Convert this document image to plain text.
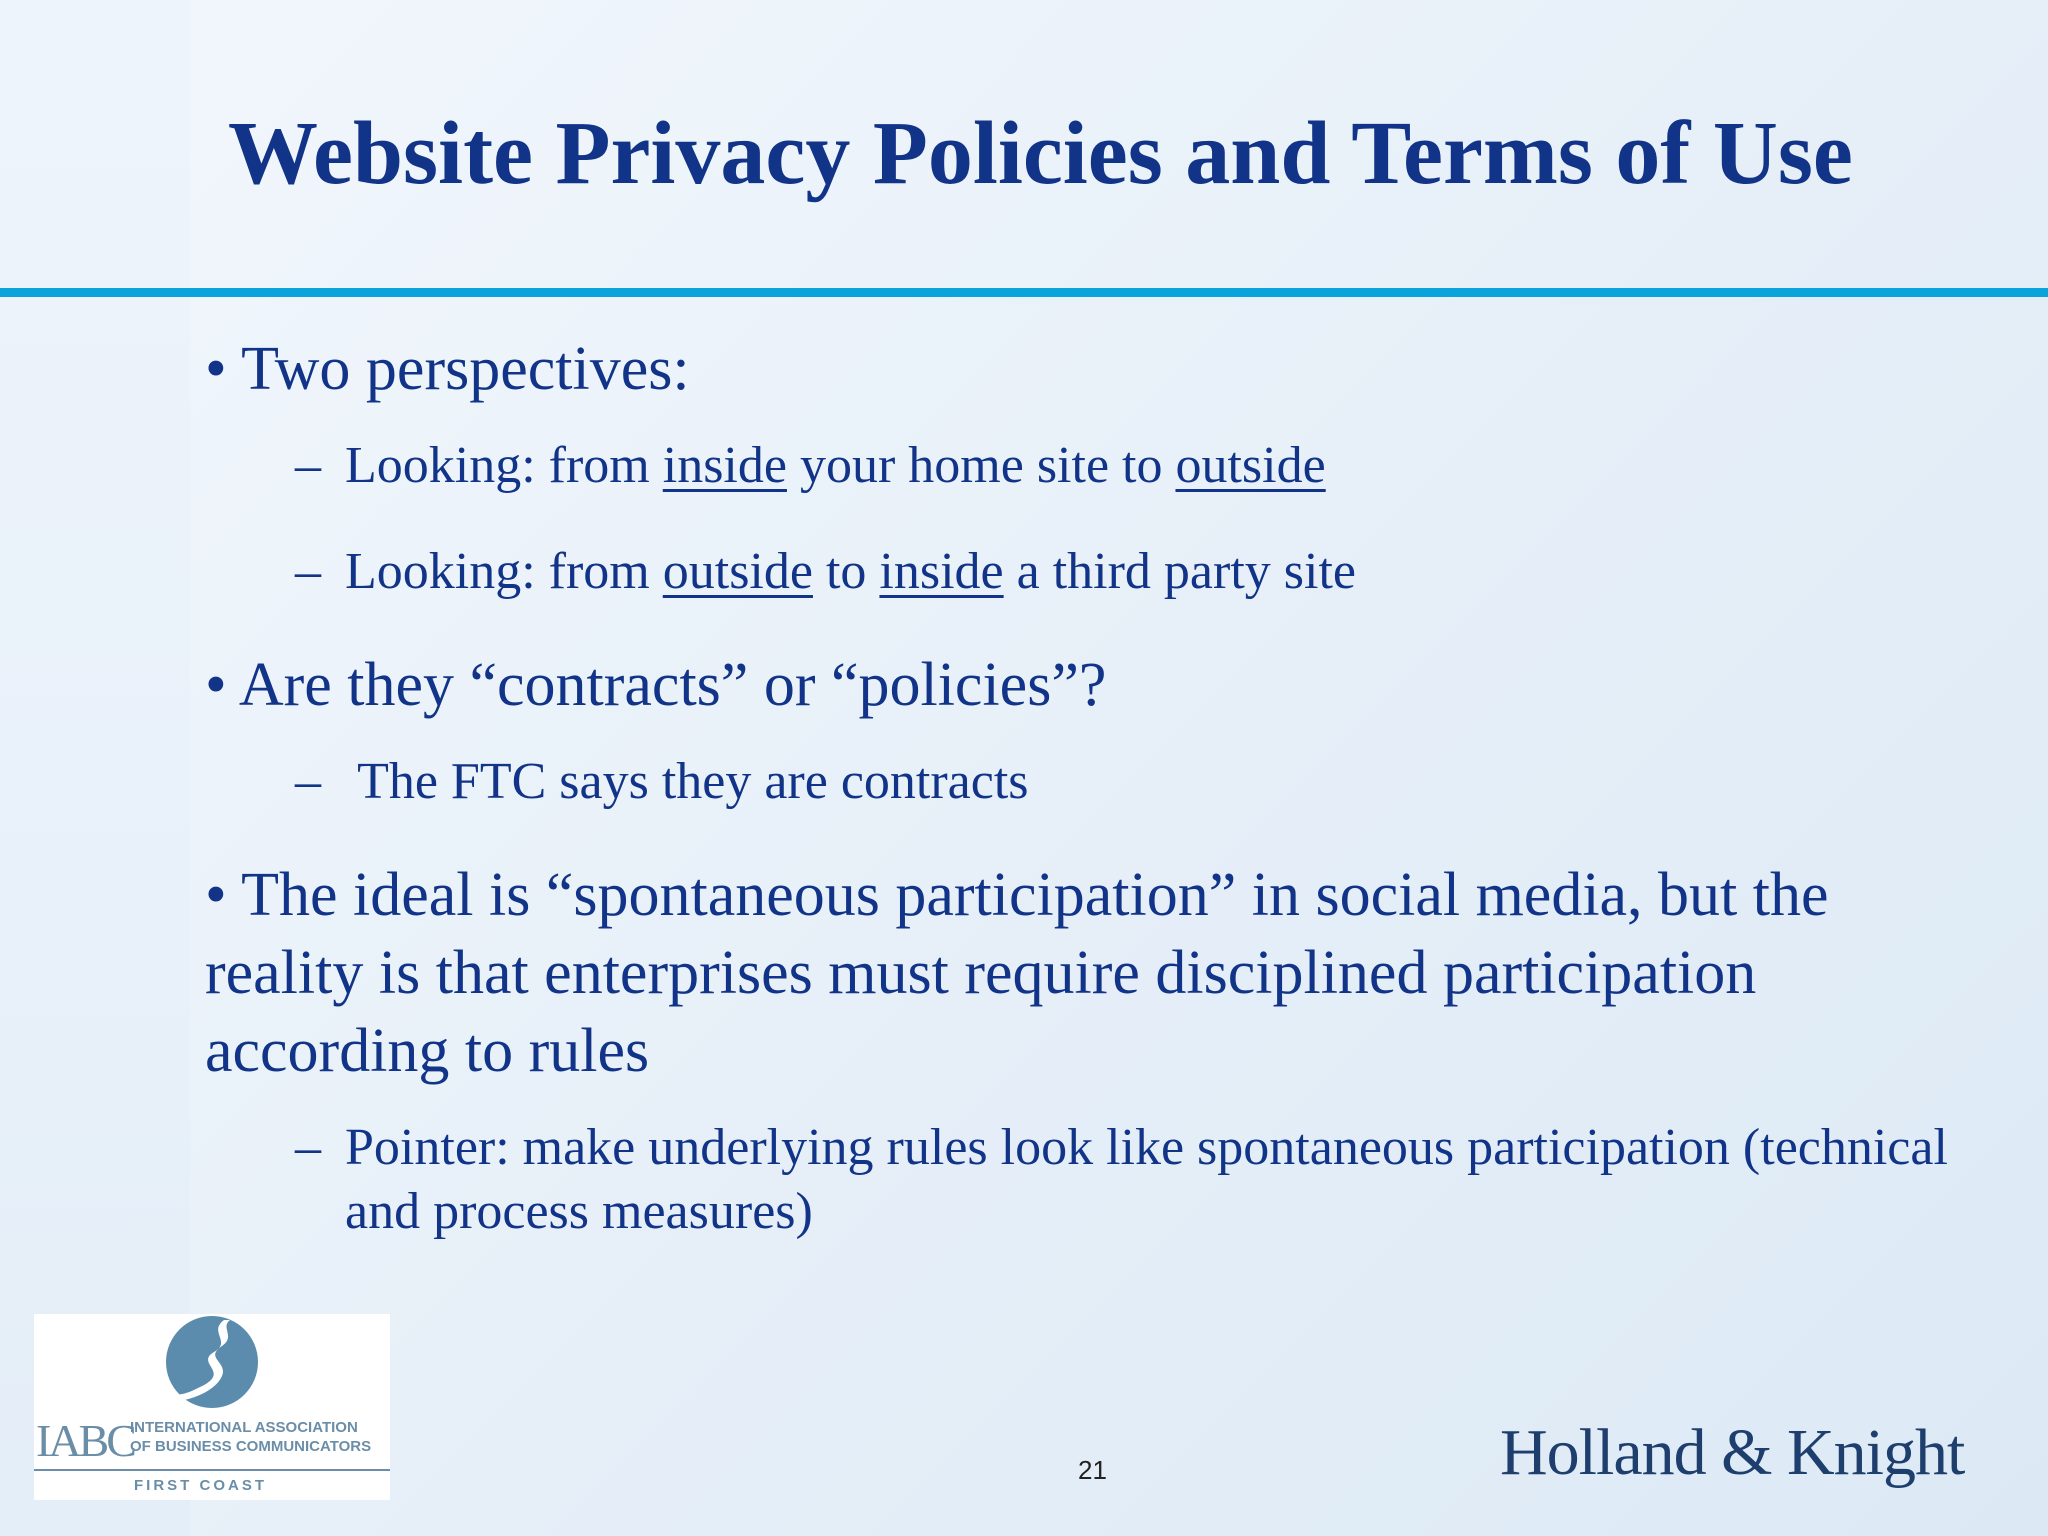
Website Privacy Policies and Terms of Use
• Two perspectives:
– Looking: from inside your home site to outside
– Looking: from outside to inside a third party site
• Are they “contracts” or “policies”?
– The FTC says they are contracts
• The ideal is “spontaneous participation” in social media, but the reality is that enterprises must require disciplined participation according to rules
– Pointer: make underlying rules look like spontaneous participation (technical and process measures)
IABC
INTERNATIONAL ASSOCIATION
OF BUSINESS COMMUNICATORS
FIRST COAST
21	Holland & Knight
